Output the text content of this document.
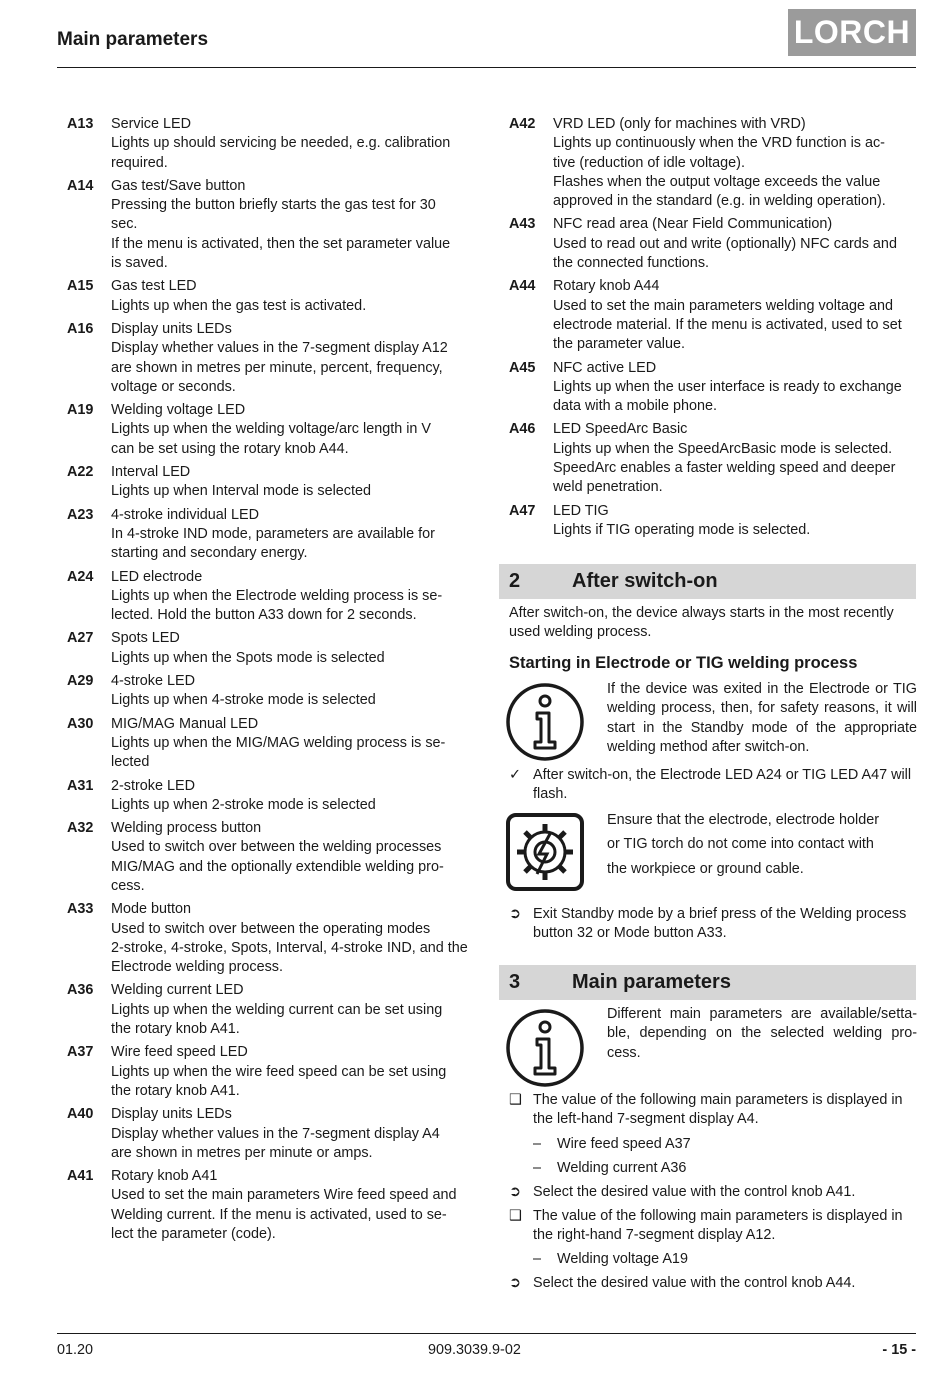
Main parameters	LORCH
A13	Service LED
Lights up should servicing be needed, e.g. calibration
required.
A14	Gas test/Save button
Pressing the button briefly starts the gas test for 30
sec.
If the menu is activated, then the set parameter value
is saved.
A15	Gas test LED
Lights up when the gas test is activated.
A16	Display units LEDs
Display whether values in the 7-segment display A12
are shown in metres per minute, percent, frequency,
voltage or seconds.
A19	Welding voltage LED
Lights up when the welding voltage/arc length in V
can be set using the rotary knob A44.
A22	Interval LED
Lights up when Interval mode is selected
A23	4-stroke individual LED
In 4-stroke IND mode, parameters are available for
starting and secondary energy.
A24	LED electrode
Lights up when the Electrode welding process is se-
lected. Hold the button A33 down for 2 seconds.
A27	Spots LED
Lights up when the Spots mode is selected
A29	4-stroke LED
Lights up when 4-stroke mode is selected
A30	MIG/MAG Manual LED
Lights up when the MIG/MAG welding process is se-
lected
A31	2-stroke LED
Lights up when 2-stroke mode is selected
A32	Welding process button
Used to switch over between the welding processes
MIG/MAG and the optionally extendible welding pro-
cess.
A33	Mode button
Used to switch over between the operating modes
2-stroke, 4-stroke, Spots, Interval, 4-stroke IND, and the
Electrode welding process.
A36	Welding current LED
Lights up when the welding current can be set using
the rotary knob A41.
A37	Wire feed speed LED
Lights up when the wire feed speed can be set using
the rotary knob A41.
A40	Display units LEDs
Display whether values in the 7-segment display A4
are shown in metres per minute or amps.
A41	Rotary knob A41
Used to set the main parameters Wire feed speed and
Welding current. If the menu is activated, used to se-
lect the parameter (code).
A42	VRD LED (only for machines with VRD)
Lights up continuously when the VRD function is ac-
tive (reduction of idle voltage).
Flashes when the output voltage exceeds the value
approved in the standard (e.g. in welding operation).
A43	NFC read area (Near Field Communication)
Used to read out and write (optionally) NFC cards and
the connected functions.
A44	Rotary knob A44
Used to set the main parameters welding voltage and
electrode material. If the menu is activated, used to set
the parameter value.
A45	NFC active LED
Lights up when the user interface is ready to exchange
data with a mobile phone.
A46	LED SpeedArc Basic
Lights up when the SpeedArcBasic mode is selected.
SpeedArc enables a faster welding speed and deeper
weld penetration.
A47	LED TIG
Lights if TIG operating mode is selected.
2	After switch-on
After switch-on, the device always starts in the most recently
used welding process.
Starting in Electrode or TIG welding process
If the device was exited in the Electrode or TIG welding process, then, for safety reasons, it will start in the Standby mode of the appropriate welding method after switch-on.
✓ After switch-on, the Electrode LED A24 or TIG LED A47 will flash.
Ensure that the electrode, electrode holder
or TIG torch do not come into contact with
the workpiece or ground cable.
➲ Exit Standby mode by a brief press of the Welding process button 32 or Mode button A33.
3	Main parameters
Different main parameters are available/setta-ble, depending on the selected welding pro-cess.
❑ The value of the following main parameters is displayed in the left-hand 7-segment display A4.
–	Wire feed speed A37
–	Welding current A36
➲ Select the desired value with the control knob A41.
❑ The value of the following main parameters is displayed in the right-hand 7-segment display A12.
–	Welding voltage A19
➲ Select the desired value with the control knob A44.
01.20	909.3039.9-02	- 15 -
